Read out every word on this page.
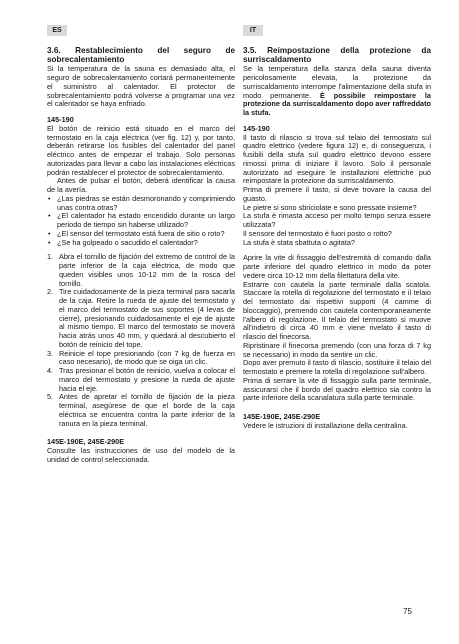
ES	IT
3.6. Restablecimiento del seguro de sobrecalentamiento

Si la temperatura de la sauna es demasiado alta, el seguro de sobrecalentamiento cortará permanentemente el suministro al calentador. El protector de sobrecalentamiento podrá volverse a programar una vez el calentador se haya enfriado.

145-190

El botón de reinicio está situado en el marco del termostato en la caja eléctrica (ver fig. 12) y, por tanto, deberán retirarse los fusibles del calentador del panel eléctrico antes de empezar el trabajo. Solo personas autorizadas para llevar a cabo las instalaciones eléctricas podrán restablecer el protector de sobrecalentamiento.

Antes de pulsar el botón, deberá identificar la causa de la avería.

• ¿Las piedras se están desmoronando y comprimiendo unas contra otras?
• ¿El calentador ha estado encendido durante un largo periodo de tiempo sin haberse utilizado?
• ¿El sensor del termostato está fuera de sitio o roto?
• ¿Se ha golpeado o sacudido el calentador?
1. Abra el tornillo de fijación del extremo de control de la parte inferior de la caja eléctrica, de modo que queden visibles unos 10-12 mm de la rosca del tornillo.
2. Tire cuidadosamente de la pieza terminal para sacarla de la caja. Retire la rueda de ajuste del termostato y el marco del termostato de sus soportes (4 levas de cierre), presionando cuidadosamente el eje de ajuste al mismo tiempo. El marco del termostato se moverá hacia atrás unos 40 mm, y quedará al descubierto el botón de reinicio del tope.
3. Reinicie el tope presionando (con 7 kg de fuerza en caso necesario), de modo que se oiga un clic.
4. Tras presionar el botón de reinicio, vuelva a colocar el marco del termostato y presione la rueda de ajuste hacia el eje.
5. Antes de apretar el tornillo de fijación de la pieza terminal, asegúrese de que el borde de la caja eléctrica se encuentra contra la parte inferior de la ranura en la pieza terminal.
145E-190E, 245E-290E

Consulte las instrucciones de uso del modelo de la unidad de control seleccionada.

3.5. Reimpostazione della protezione da surriscaldamento

Se la temperatura della stanza della sauna diventa pericolosamente elevata, la protezione da surriscaldamento interrompe l'alimentazione della stufa in modo permanente. È possibile reimpostare la protezione da surriscaldamento dopo aver raffreddato la stufa.

145-190

Il tasto di rilascio si trova sul telaio del termostato sul quadro elettrico (vedere figura 12) e, di conseguenza, i fusibili della stufa sul quadro elettrico devono essere rimossi prima di iniziare il lavoro. Solo il personale autorizzato ad eseguire le installazioni elettriche può reimpostare la protezione da surriscaldamento.

Prima di premere il tasto, si deve trovare la causa del guasto.

Le pietre si sono sbriciolate e sono pressate insieme?

La stufa è rimasta acceso per molto tempo senza essere utilizzata?

Il sensore del termostato è fuori posto o rotto?

La stufa è stata sbattuta o agitata?

Aprire la vite di fissaggio dell'estremità di comando dalla parte inferiore del quadro elettrico in modo da poter vedere circa 10-12 mm della filettatura della vite.
Estrarre con cautela la parte terminale dalla scatola. Staccare la rotella di regolazione del termostato e il telaio del termostato dai rispettivi supporti (4 camme di bloccaggio), premendo con cautela contemporaneamente l'albero di regolazione. Il telaio del termostato si muove all'indietro di circa 40 mm e viene rivelato il tasto di rilascio del finecorsa.
Ripristinare il finecorsa premendo (con una forza di 7 kg se necessario) in modo da sentire un clic.
Dopo aver premuto il tasto di rilascio, sostituire il telaio del termostato e premere la rotella di regolazione sull'albero.
Prima di serrare la vite di fissaggio sulla parte terminale, assicurarsi che il bordo del quadro elettrico sia contro la parte inferiore della scanalatura sulla parte terminale.

145E-190E, 245E-290E

Vedere le istruzioni di installazione della centralina.

75
